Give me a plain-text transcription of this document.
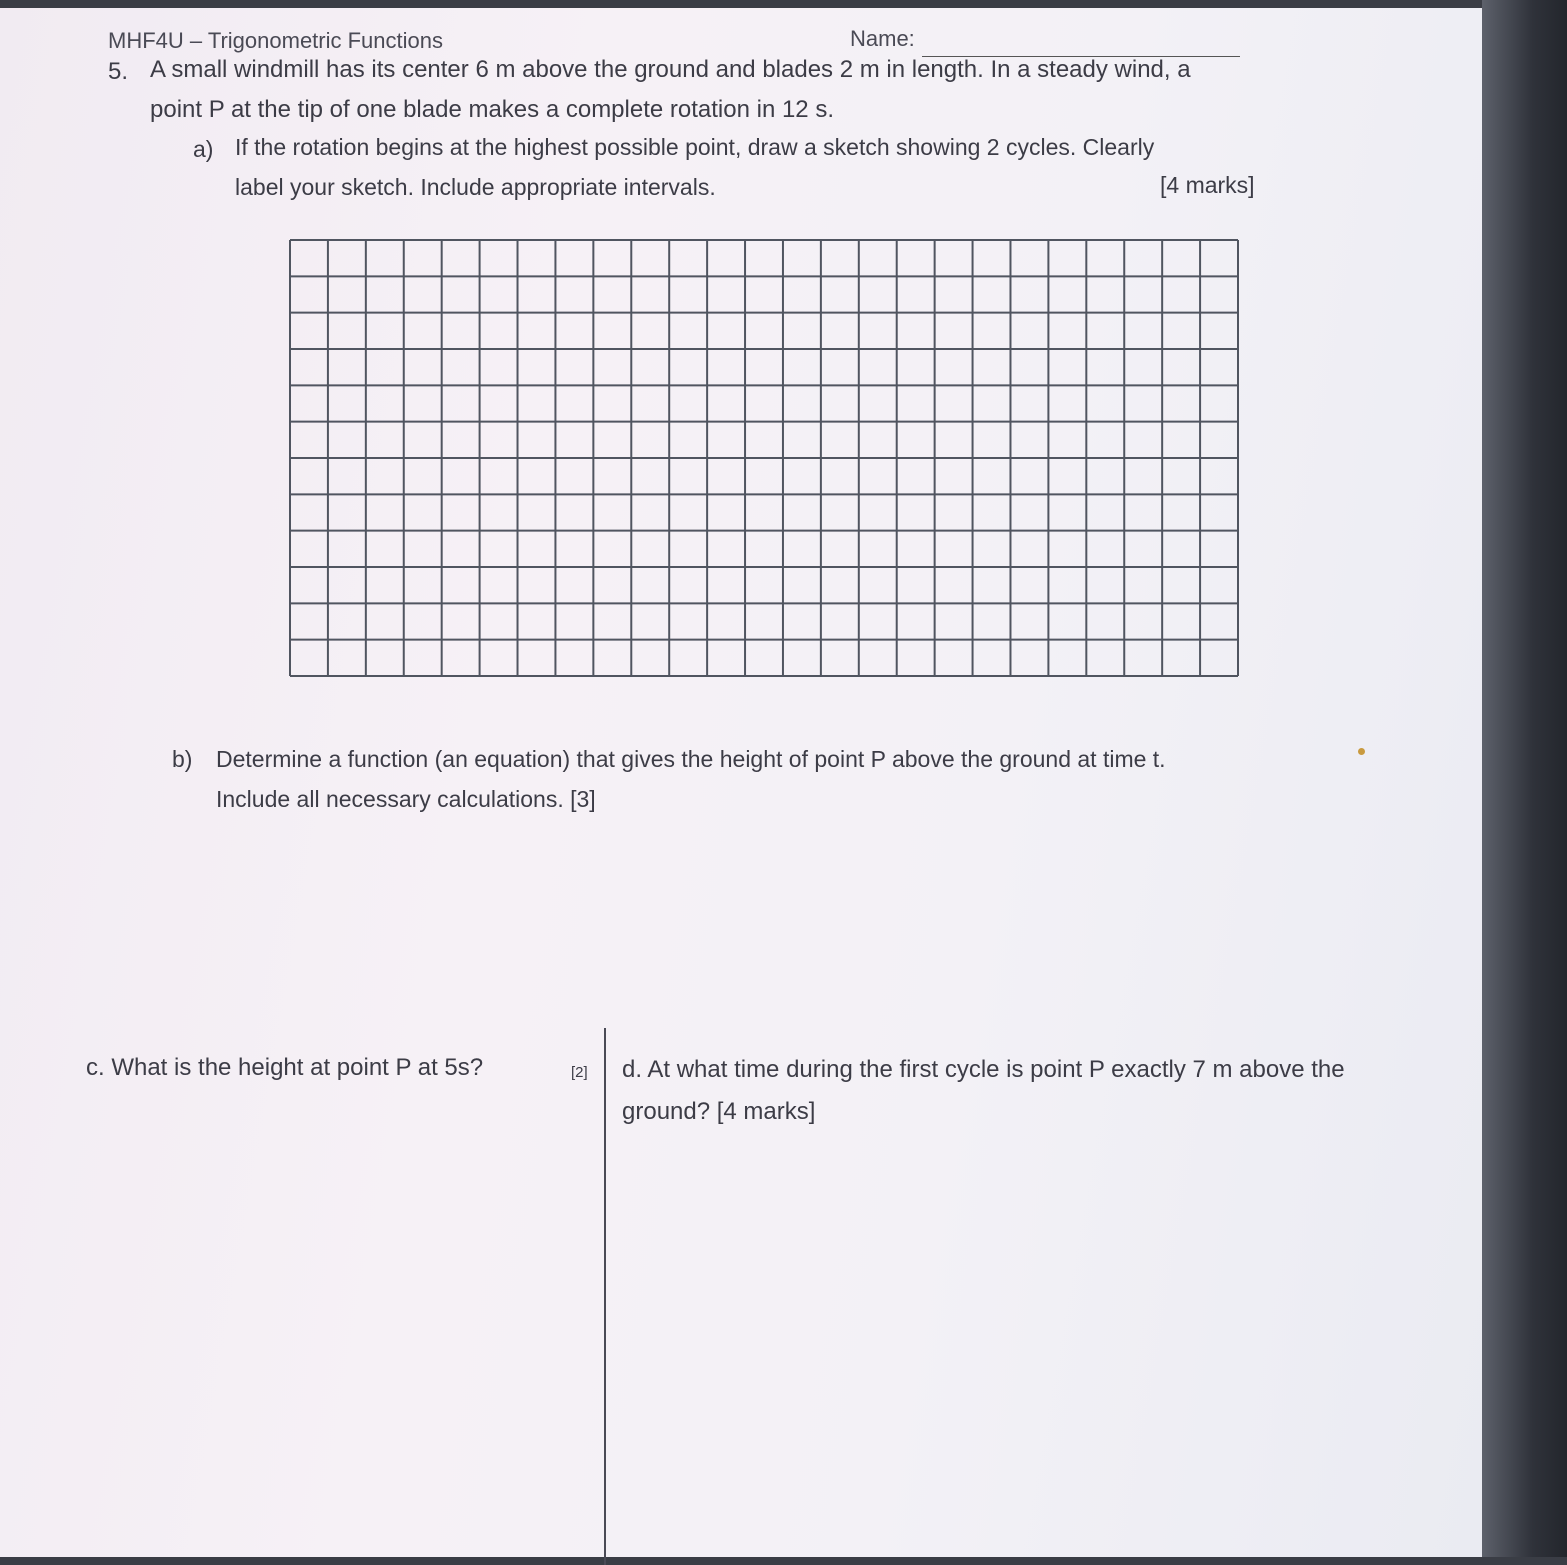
MHF4U – Trigonometric Functions	Name:
5. A small windmill has its center 6 m above the ground and blades 2 m in length. In a steady wind, a
point P at the tip of one blade makes a complete rotation in 12 s.
a) If the rotation begins at the highest possible point, draw a sketch showing 2 cycles. Clearly
label your sketch. Include appropriate intervals.	[4 marks]
b) Determine a function (an equation) that gives the height of point P above the ground at time t.
Include all necessary calculations. [3]
c. What is the height at point P at 5s?	[2] d. At what time during the first cycle is point P exactly 7 m above the
ground? [4 marks]
